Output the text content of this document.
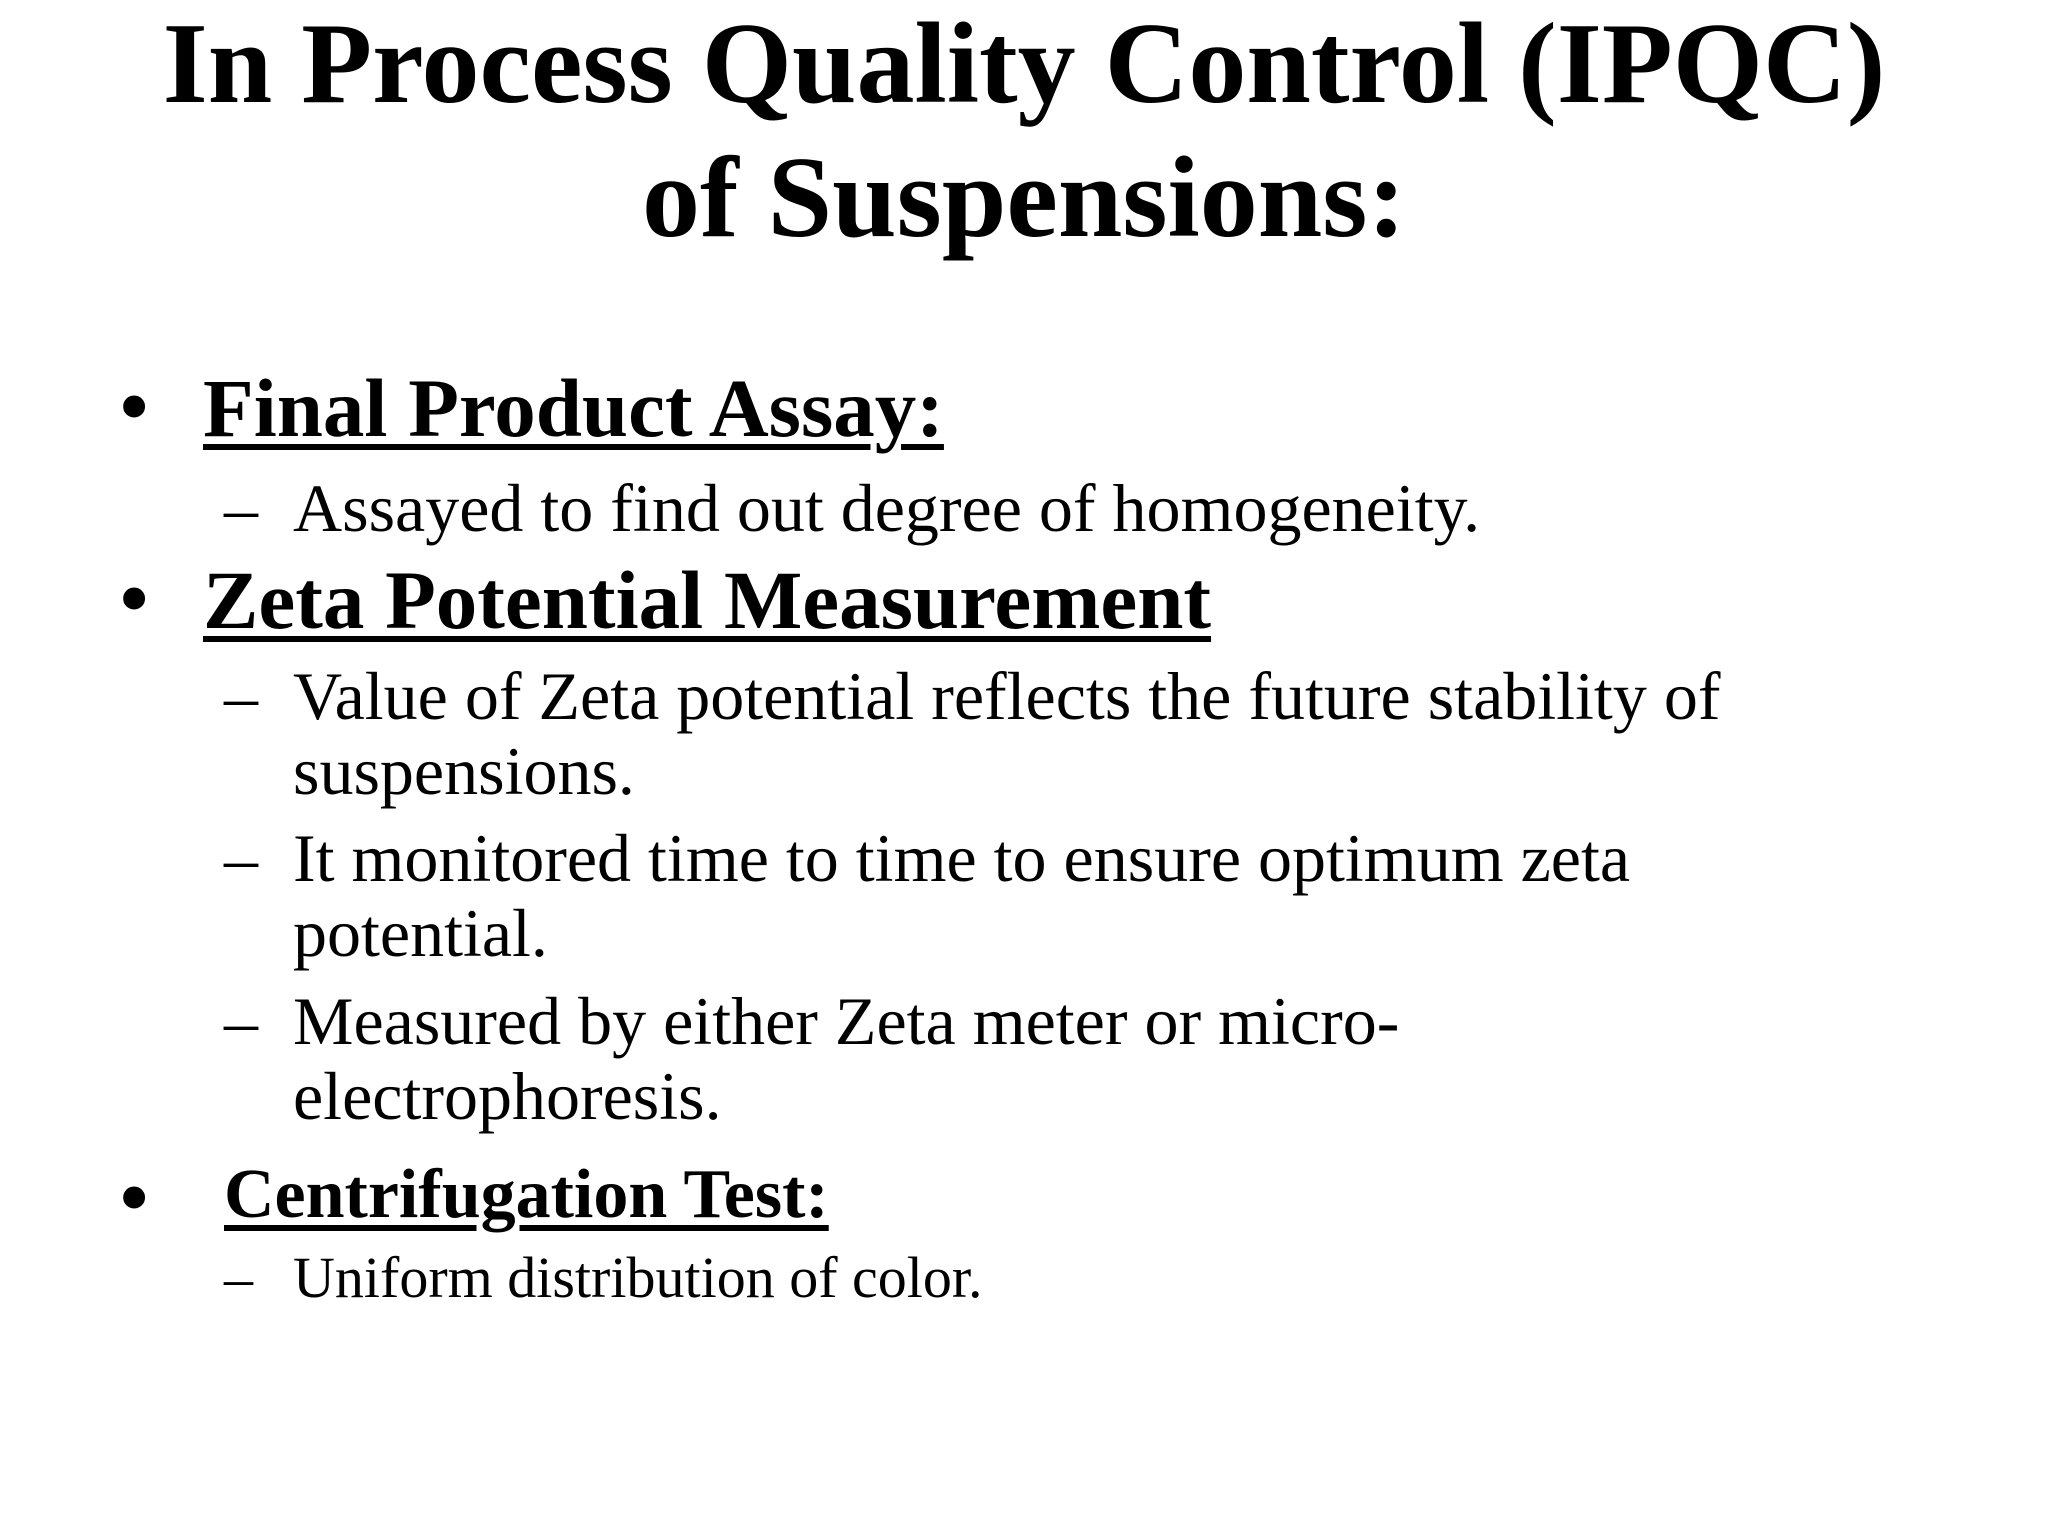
In Process Quality Control (IPQC)
of Suspensions:
• Final Product Assay:
– Assayed to find out degree of homogeneity.
• Zeta Potential Measurement
– Value of Zeta potential reflects the future stability of
suspensions.
– It monitored time to time to ensure optimum zeta
potential.
– Measured by either Zeta meter or micro-
electrophoresis.
• Centrifugation Test:
– Uniform distribution of color.
